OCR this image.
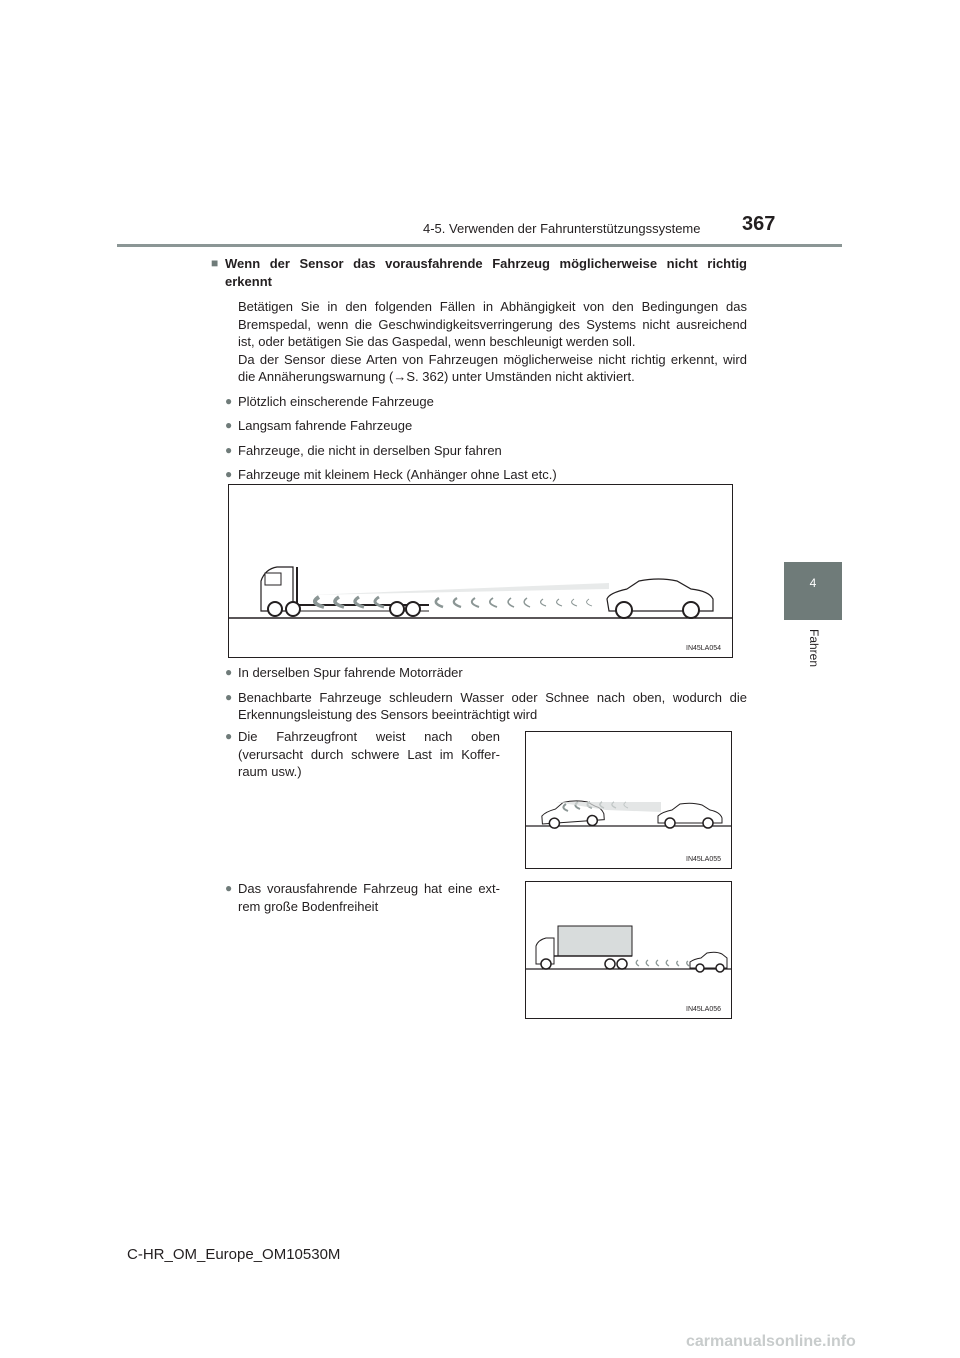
4-5. Verwenden der Fahrunterstützungssysteme 367
4
Fahren
■ Wenn der Sensor das vorausfahrende Fahrzeug möglicherweise nicht richtig erkennt
Betätigen Sie in den folgenden Fällen in Abhängigkeit von den Bedingungen das Bremspedal, wenn die Geschwindigkeitsverringerung des Systems nicht ausreichend ist, oder betätigen Sie das Gaspedal, wenn beschleunigt werden soll.
Da der Sensor diese Arten von Fahrzeugen möglicherweise nicht richtig erkennt, wird die Annäherungswarnung (→S. 362) unter Umständen nicht aktiviert.
● Plötzlich einscherende Fahrzeuge
● Langsam fahrende Fahrzeuge
● Fahrzeuge, die nicht in derselben Spur fahren
● Fahrzeuge mit kleinem Heck (Anhänger ohne Last etc.)
IN45LA054
● In derselben Spur fahrende Motorräder
● Benachbarte Fahrzeuge schleudern Wasser oder Schnee nach oben, wodurch die Erkennungsleistung des Sensors beeinträchtigt wird
● Die Fahrzeugfront weist nach oben (verursacht durch schwere Last im Koffer-raum usw.)
IN45LA055
● Das vorausfahrende Fahrzeug hat eine ext-rem große Bodenfreiheit
IN45LA056
C-HR_OM_Europe_OM10530M
carmanualsonline.info
